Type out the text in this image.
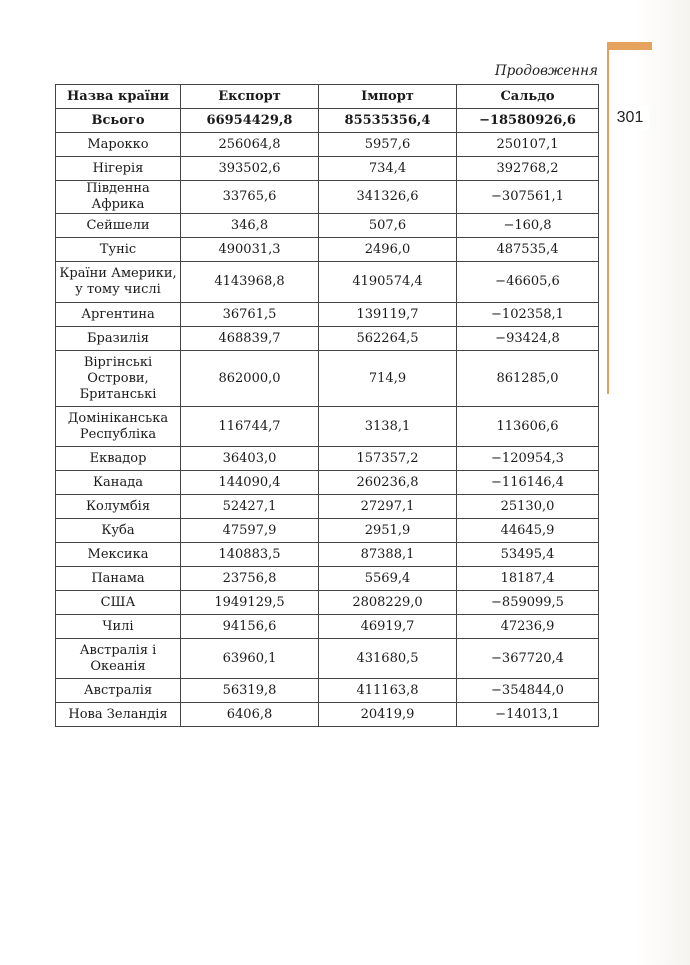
301
Продовження
Назва країни	Експорт	Імпорт	Сальдо
Всього	66954429,8	85535356,4	−18580926,6
Марокко	256064,8	5957,6	250107,1
Нігерія	393502,6	734,4	392768,2
Південна Африка	33765,6	341326,6	−307561,1
Сейшели	346,8	507,6	−160,8
Туніс	490031,3	2496,0	487535,4
Країни Америки, у тому числі	4143968,8	4190574,4	−46605,6
Аргентина	36761,5	139119,7	−102358,1
Бразилія	468839,7	562264,5	−93424,8
Віргінські Острови, Британські	862000,0	714,9	861285,0
Домініканська Республіка	116744,7	3138,1	113606,6
Еквадор	36403,0	157357,2	−120954,3
Канада	144090,4	260236,8	−116146,4
Колумбія	52427,1	27297,1	25130,0
Куба	47597,9	2951,9	44645,9
Мексика	140883,5	87388,1	53495,4
Панама	23756,8	5569,4	18187,4
США	1949129,5	2808229,0	−859099,5
Чилі	94156,6	46919,7	47236,9
Австралія і Океанія	63960,1	431680,5	−367720,4
Австралія	56319,8	411163,8	−354844,0
Нова Зеландія	6406,8	20419,9	−14013,1
